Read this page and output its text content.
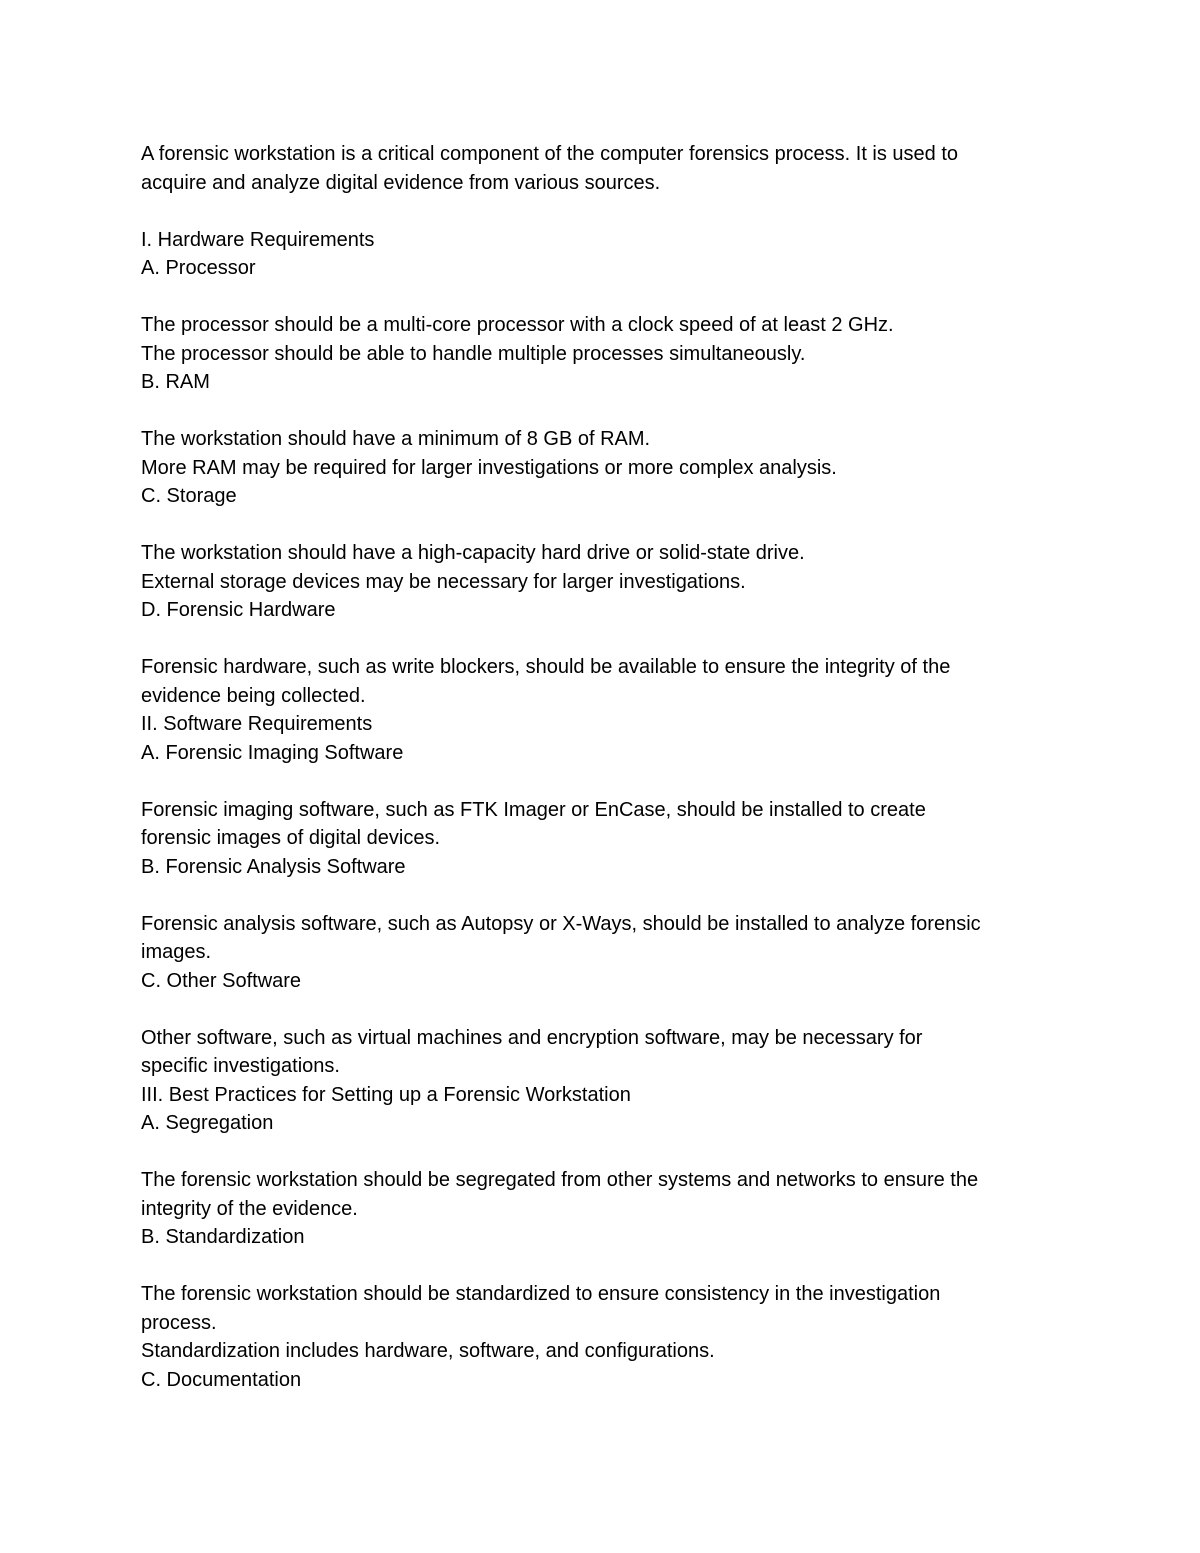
A forensic workstation is a critical component of the computer forensics process. It is used to
acquire and analyze digital evidence from various sources.
I. Hardware Requirements
A. Processor
The processor should be a multi-core processor with a clock speed of at least 2 GHz.
The processor should be able to handle multiple processes simultaneously.
B. RAM
The workstation should have a minimum of 8 GB of RAM.
More RAM may be required for larger investigations or more complex analysis.
C. Storage
The workstation should have a high-capacity hard drive or solid-state drive.
External storage devices may be necessary for larger investigations.
D. Forensic Hardware
Forensic hardware, such as write blockers, should be available to ensure the integrity of the
evidence being collected.
II. Software Requirements
A. Forensic Imaging Software
Forensic imaging software, such as FTK Imager or EnCase, should be installed to create
forensic images of digital devices.
B. Forensic Analysis Software
Forensic analysis software, such as Autopsy or X-Ways, should be installed to analyze forensic
images.
C. Other Software
Other software, such as virtual machines and encryption software, may be necessary for
specific investigations.
III. Best Practices for Setting up a Forensic Workstation
A. Segregation
The forensic workstation should be segregated from other systems and networks to ensure the
integrity of the evidence.
B. Standardization
The forensic workstation should be standardized to ensure consistency in the investigation
process.
Standardization includes hardware, software, and configurations.
C. Documentation
